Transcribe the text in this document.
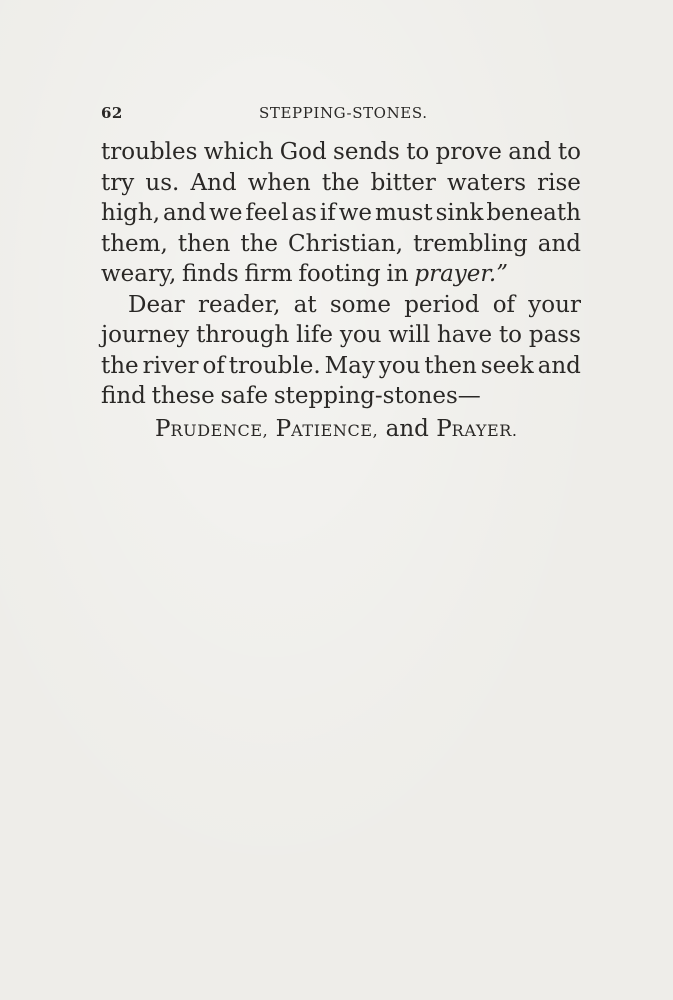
62	STEPPING-STONES.
troubles which God sends to prove and to
try us. And when the bitter waters rise
high, and we feel as if we must sink beneath
them, then the Christian, trembling and
weary, finds firm footing in prayer.”
Dear reader, at some period of your
journey through life you will have to pass
the river of trouble. May you then seek and
find these safe stepping-stones—
PRUDENCE, PATIENCE, and PRAYER.
